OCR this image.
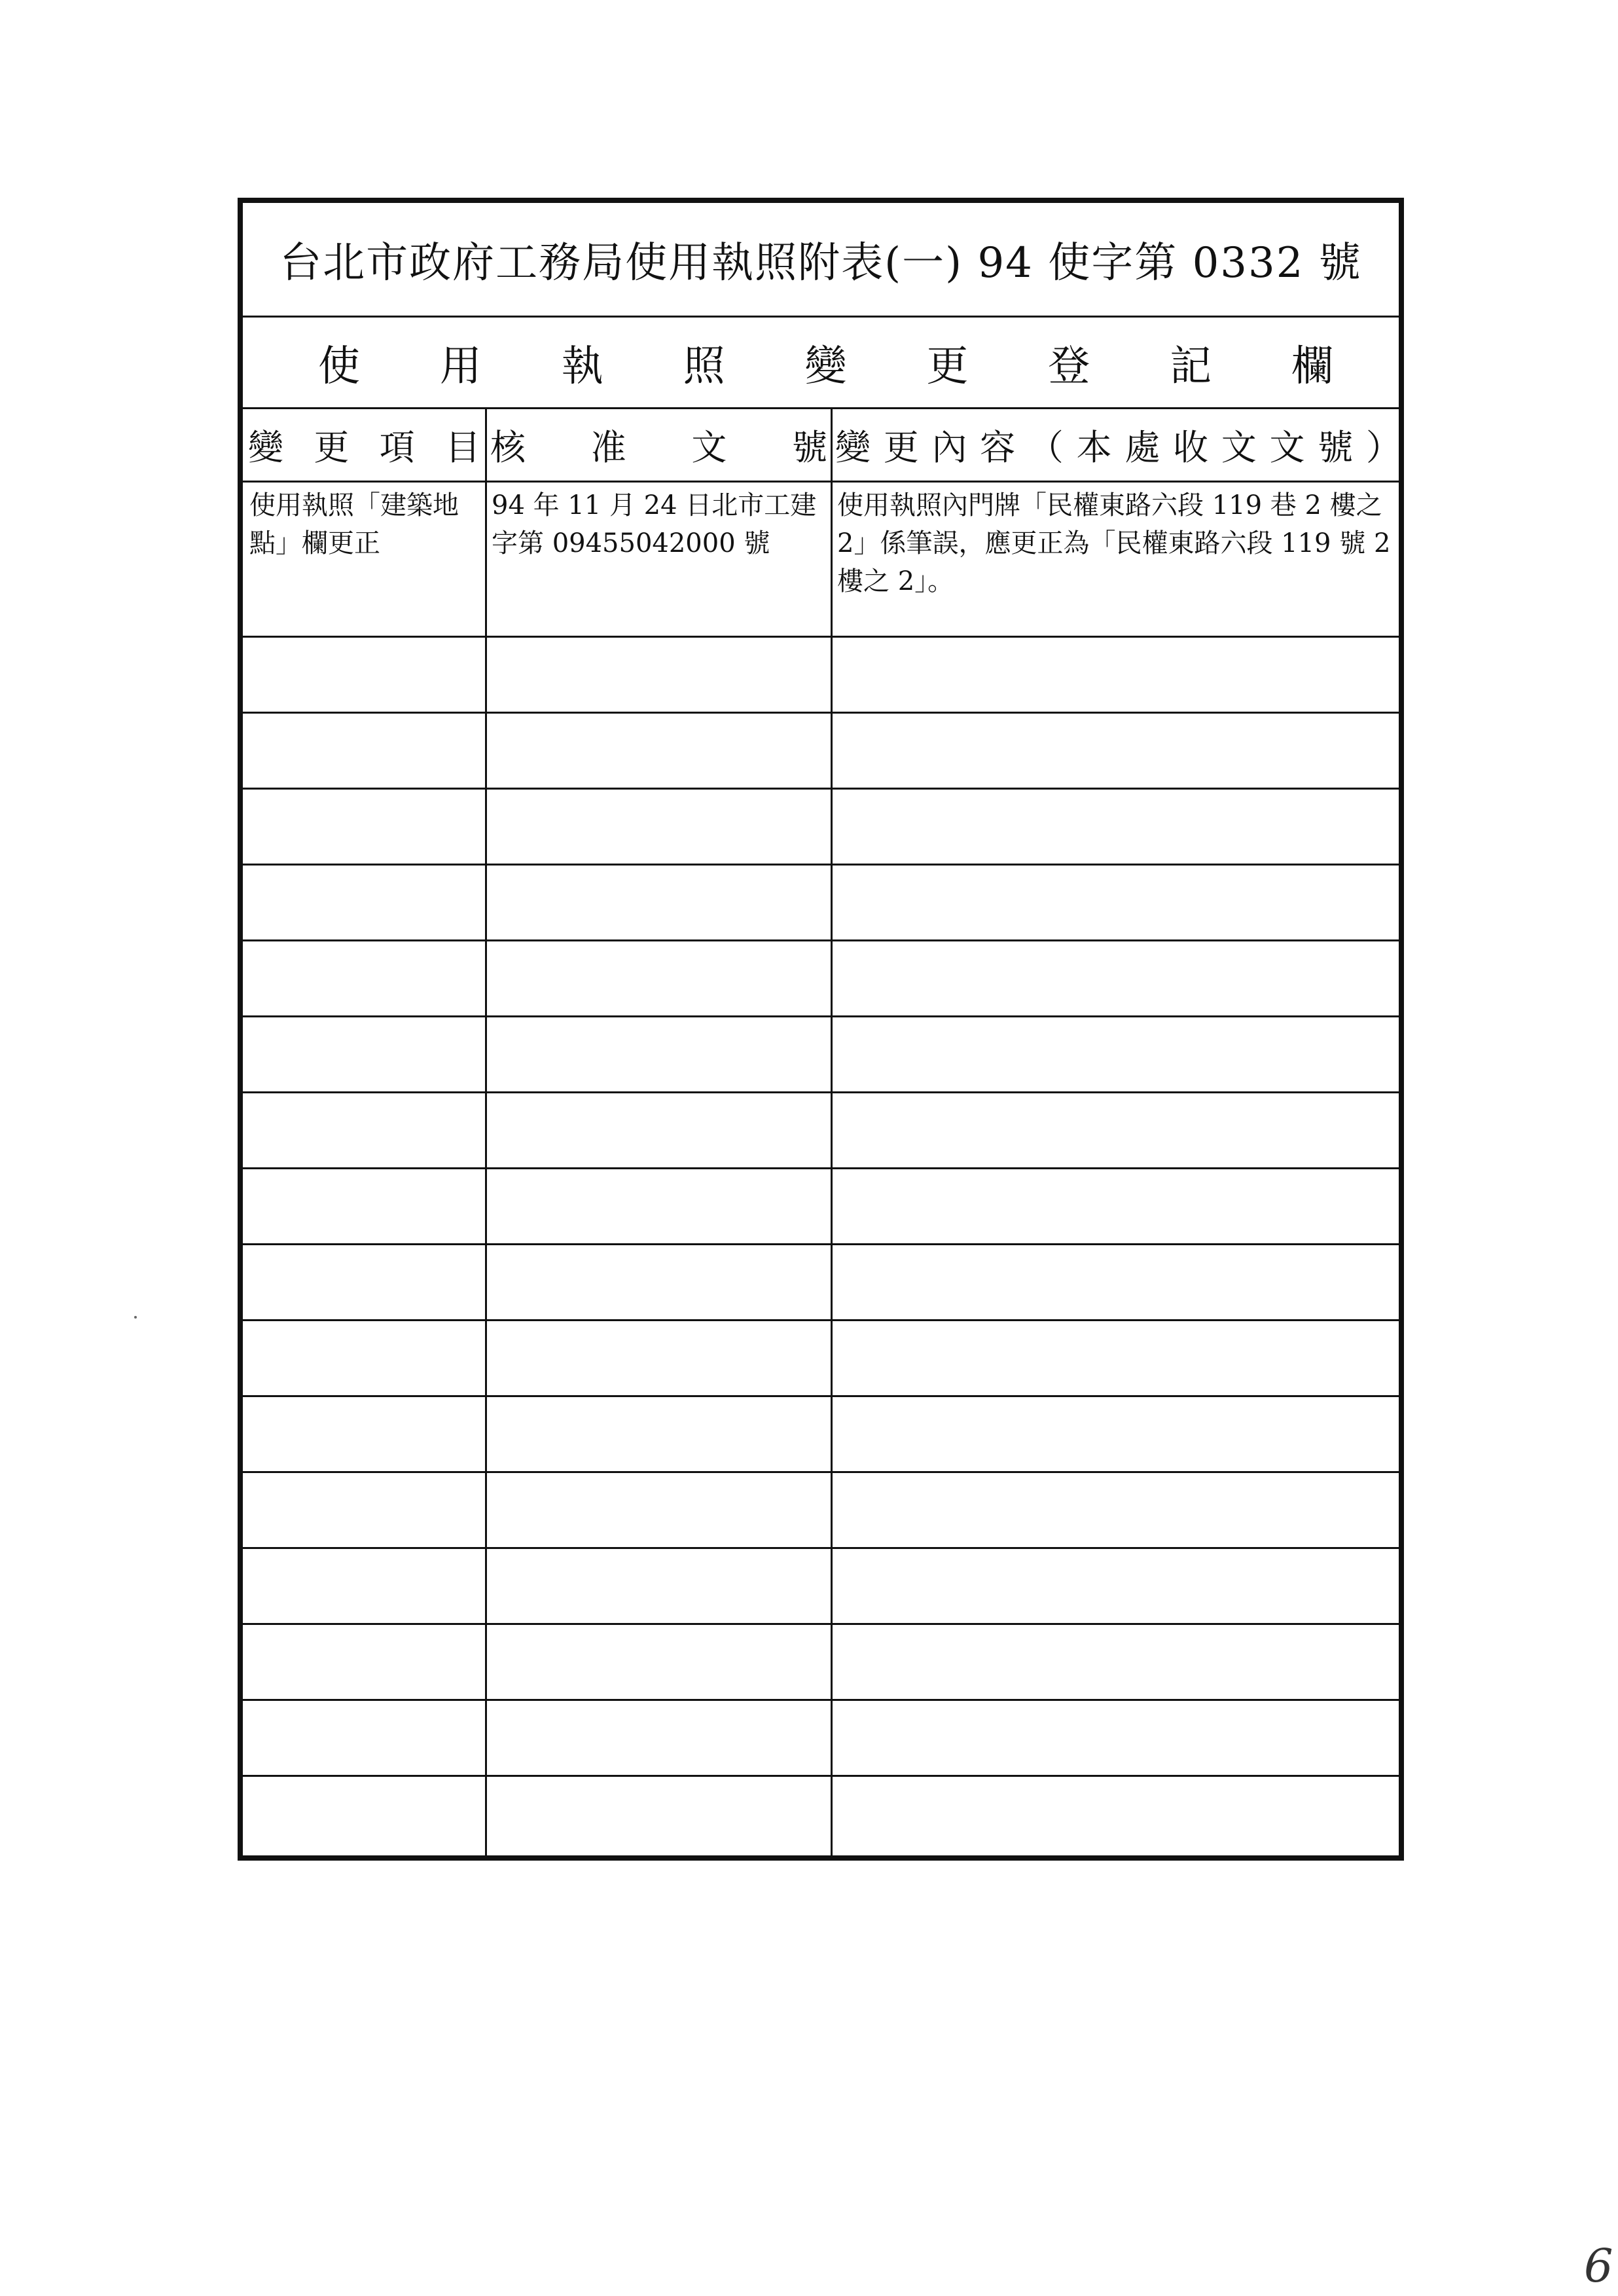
台北市政府工務局使用執照附表(一) 94 使字第 0332 號
使 用 執 照 變 更 登 記 欄
變 更 項 目 核 准 文 號 變 更 內 容 （ 本 處 收 文 文 號 ）
使用執照「建築地點」欄更正
94 年 11 月 24 日北市工建字第 09455042000 號
使用執照內門牌「民權東路六段 119 巷 2 樓之 2」係筆誤，應更正為「民權東路六段 119 號 2 樓之 2」。
6
